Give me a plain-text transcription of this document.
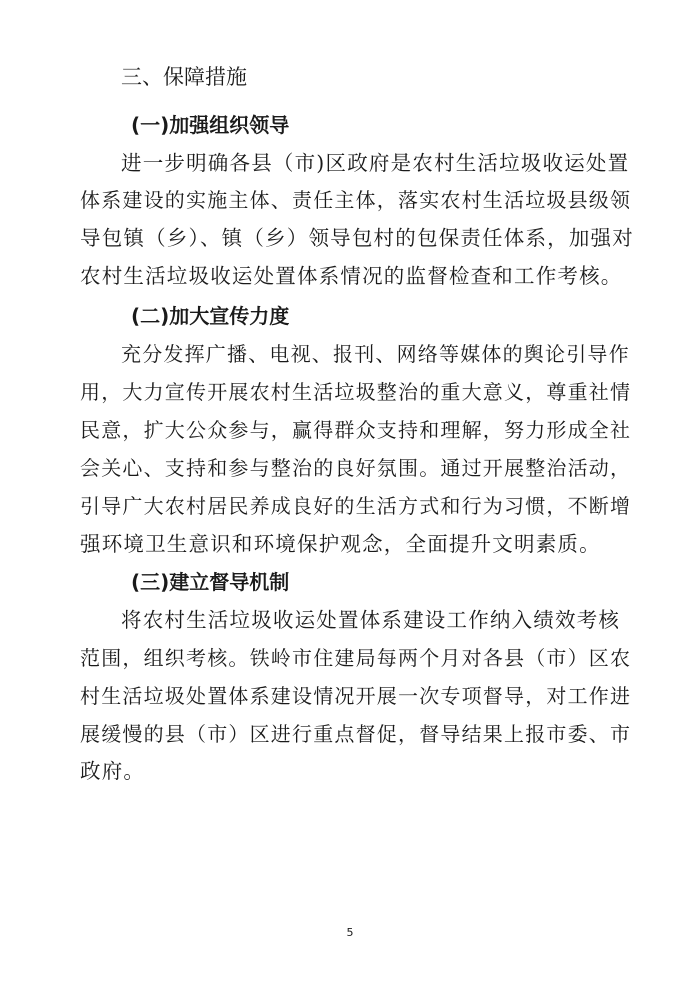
三、保障措施
(一)加强组织领导
进一步明确各县（市)区政府是农村生活垃圾收运处置
体系建设的实施主体、责任主体，落实农村生活垃圾县级领
导包镇（乡）、镇（乡）领导包村的包保责任体系，加强对
农村生活垃圾收运处置体系情况的监督检查和工作考核。
(二)加大宣传力度
充分发挥广播、电视、报刊、网络等媒体的舆论引导作
用，大力宣传开展农村生活垃圾整治的重大意义，尊重社情
民意，扩大公众参与，赢得群众支持和理解，努力形成全社
会关心、支持和参与整治的良好氛围。通过开展整治活动，
引导广大农村居民养成良好的生活方式和行为习惯，不断增
强环境卫生意识和环境保护观念，全面提升文明素质。
(三)建立督导机制
将农村生活垃圾收运处置体系建设工作纳入绩效考核
范围，组织考核。铁岭市住建局每两个月对各县（市）区农
村生活垃圾处置体系建设情况开展一次专项督导，对工作进
展缓慢的县（市）区进行重点督促，督导结果上报市委、市
政府。
5
